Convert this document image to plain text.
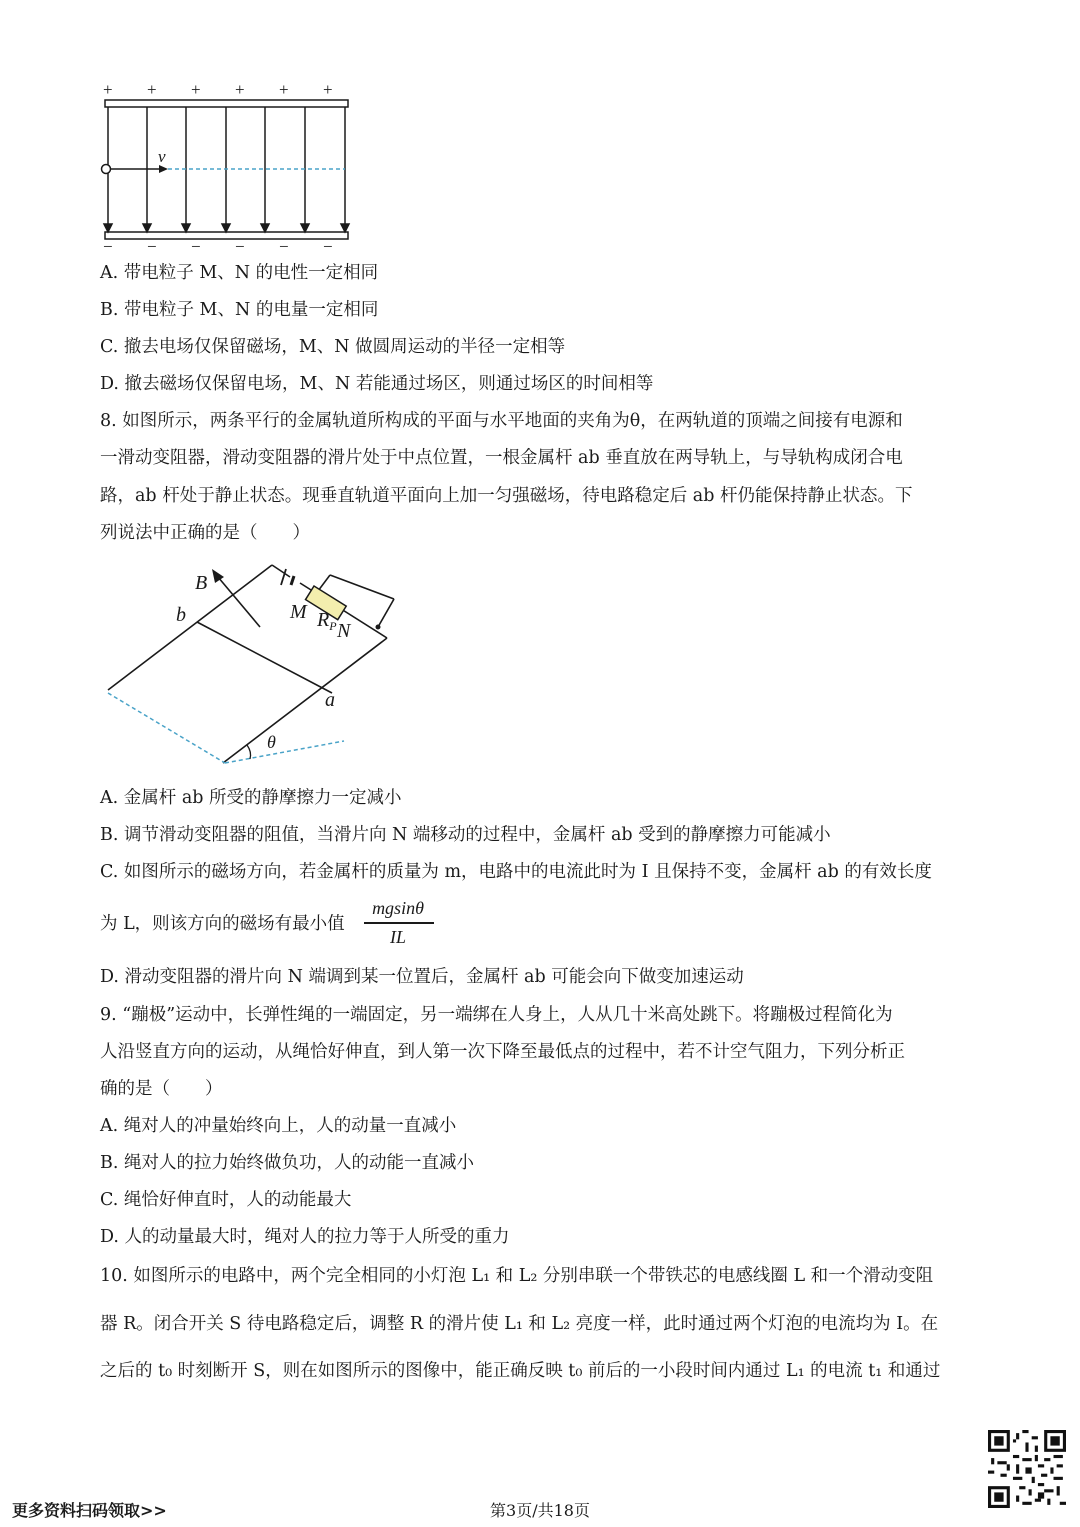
+ + + + + +
v
− − − − − −
A. 带电粒子 M、N 的电性一定相同
B. 带电粒子 M、N 的电量一定相同
C. 撤去电场仅保留磁场，M、N 做圆周运动的半径一定相等
D. 撤去磁场仅保留电场，M、N 若能通过场区，则通过场区的时间相等
8. 如图所示，两条平行的金属轨道所构成的平面与水平地面的夹角为θ，在两轨道的顶端之间接有电源和
一滑动变阻器，滑动变阻器的滑片处于中点位置，一根金属杆 ab 垂直放在两导轨上，与导轨构成闭合电
路，ab 杆处于静止状态。现垂直轨道平面向上加一匀强磁场，待电路稳定后 ab 杆仍能保持静止状态。下
列说法中正确的是（　　）
B
b	M $R_P$ N
a
θ
A. 金属杆 ab 所受的静摩擦力一定减小
B. 调节滑动变阻器的阻值，当滑片向 N 端移动的过程中，金属杆 ab 受到的静摩擦力可能减小
C. 如图所示的磁场方向，若金属杆的质量为 m，电路中的电流此时为 I 且保持不变，金属杆 ab 的有效长度
为 L，则该方向的磁场有最小值
mgsinθ
IL
D. 滑动变阻器的滑片向 N 端调到某一位置后，金属杆 ab 可能会向下做变加速运动
9. “蹦极”运动中，长弹性绳的一端固定，另一端绑在人身上，人从几十米高处跳下。将蹦极过程简化为
人沿竖直方向的运动，从绳恰好伸直，到人第一次下降至最低点的过程中，若不计空气阻力，下列分析正
确的是（　　）
A. 绳对人的冲量始终向上，人的动量一直减小
B. 绳对人的拉力始终做负功，人的动能一直减小
C. 绳恰好伸直时，人的动能最大
D. 人的动量最大时，绳对人的拉力等于人所受的重力
10. 如图所示的电路中，两个完全相同的小灯泡 L₁ 和 L₂ 分别串联一个带铁芯的电感线圈 L 和一个滑动变阻
器 R。闭合开关 S 待电路稳定后，调整 R 的滑片使 L₁ 和 L₂ 亮度一样，此时通过两个灯泡的电流均为 I。在
之后的 t₀ 时刻断开 S，则在如图所示的图像中，能正确反映 t₀ 前后的一小段时间内通过 L₁ 的电流 t₁ 和通过
更多资料扫码领取>>	第3页/共18页
